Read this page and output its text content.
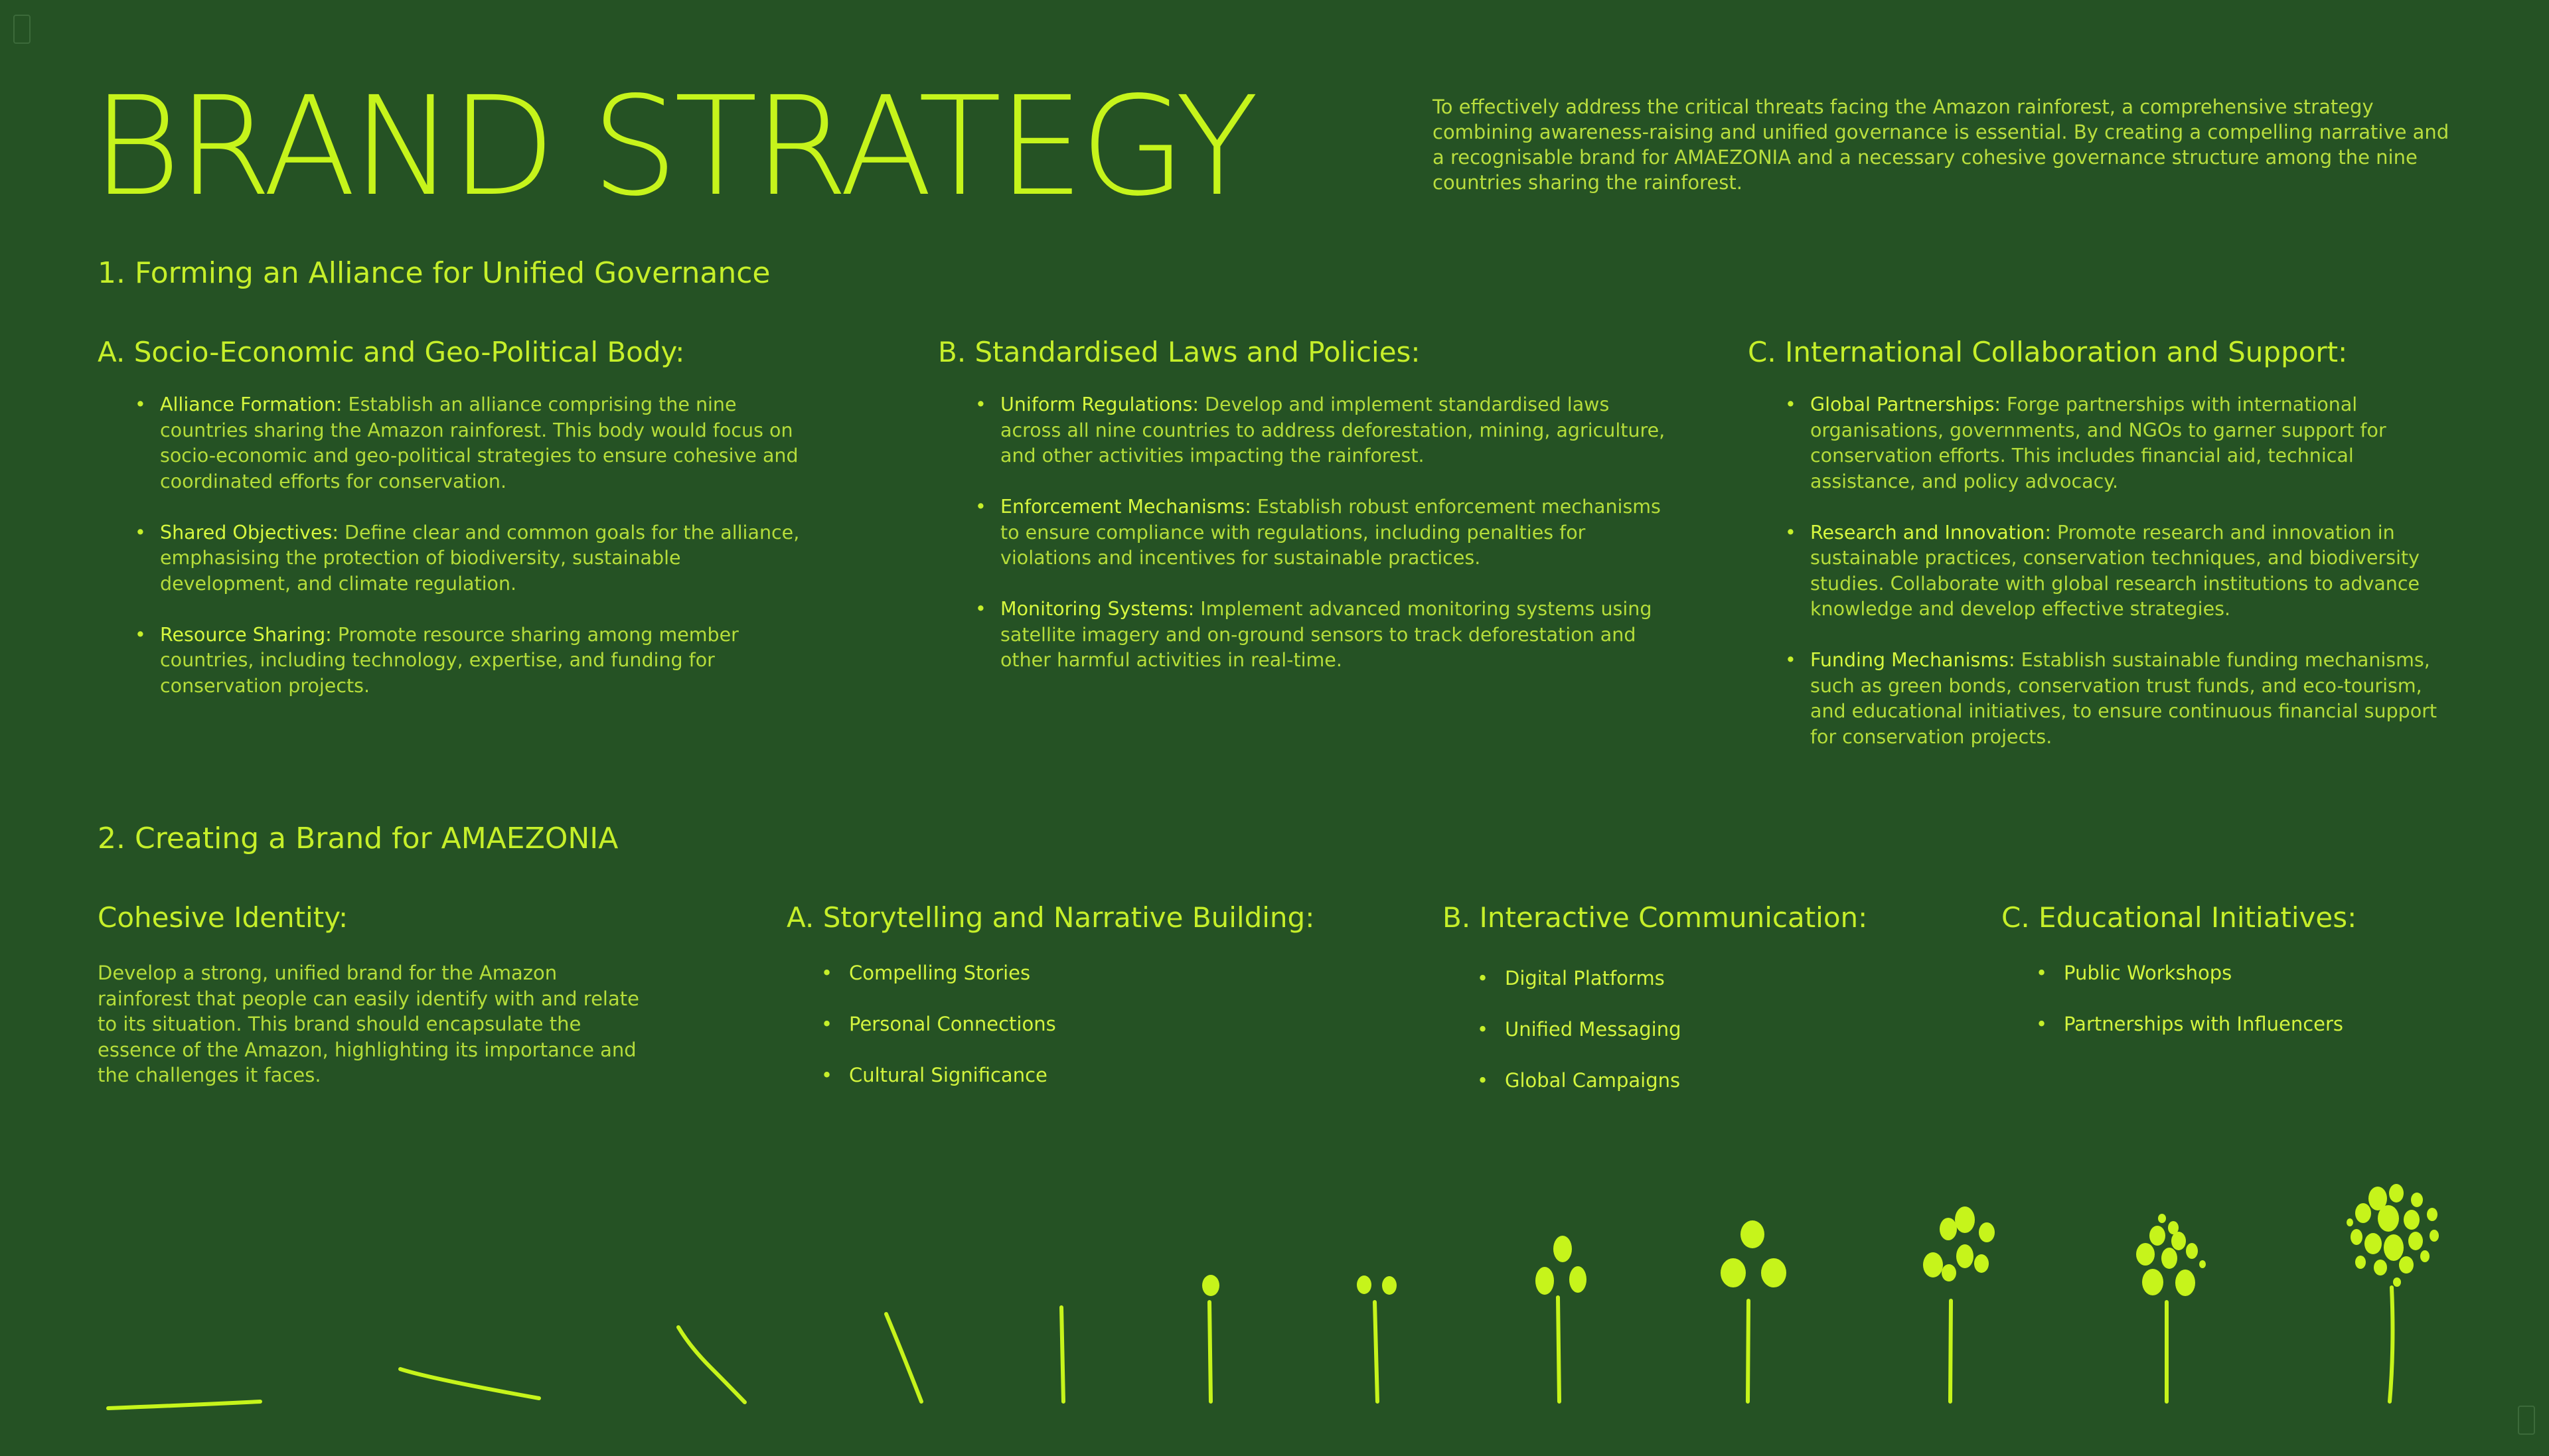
BRAND STRATEGY	To effectively address the critical threats facing the Amazon rainforest, a comprehensive strategy combining awareness-raising and unified governance is essential. By creating a compelling narrative and a recognisable brand for AMAEZONIA and a necessary cohesive governance structure among the nine countries sharing the rainforest.

1. Forming an Alliance for Unified Governance
A. Socio-Economic and Geo-Political Body:
• Alliance Formation: Establish an alliance comprising the nine countries sharing the Amazon rainforest. This body would focus on socio-economic and geo-political strategies to ensure cohesive and coordinated efforts for conservation.
• Shared Objectives: Define clear and common goals for the alliance, emphasising the protection of biodiversity, sustainable development, and climate regulation.
• Resource Sharing: Promote resource sharing among member countries, including technology, expertise, and funding for conservation projects.
B. Standardised Laws and Policies:
• Uniform Regulations: Develop and implement standardised laws across all nine countries to address deforestation, mining, agriculture, and other activities impacting the rainforest.
• Enforcement Mechanisms: Establish robust enforcement mechanisms to ensure compliance with regulations, including penalties for violations and incentives for sustainable practices.
• Monitoring Systems: Implement advanced monitoring systems using satellite imagery and on-ground sensors to track deforestation and other harmful activities in real-time.
C. International Collaboration and Support:
• Global Partnerships: Forge partnerships with international organisations, governments, and NGOs to garner support for conservation efforts. This includes financial aid, technical assistance, and policy advocacy.
• Research and Innovation: Promote research and innovation in sustainable practices, conservation techniques, and biodiversity studies. Collaborate with global research institutions to advance knowledge and develop effective strategies.
• Funding Mechanisms: Establish sustainable funding mechanisms, such as green bonds, conservation trust funds, and eco-tourism, and educational initiatives, to ensure continuous financial support for conservation projects.
2. Creating a Brand for AMAEZONIA
Cohesive Identity:

Develop a strong, unified brand for the Amazon rainforest that people can easily identify with and relate to its situation. This brand should encapsulate the essence of the Amazon, highlighting its importance and the challenges it faces.

A. Storytelling and Narrative Building:
• Compelling Stories
• Personal Connections
• Cultural Significance
B. Interactive Communication:
• Digital Platforms
• Unified Messaging
• Global Campaigns
C. Educational Initiatives:
• Public Workshops
• Partnerships with Influencers
